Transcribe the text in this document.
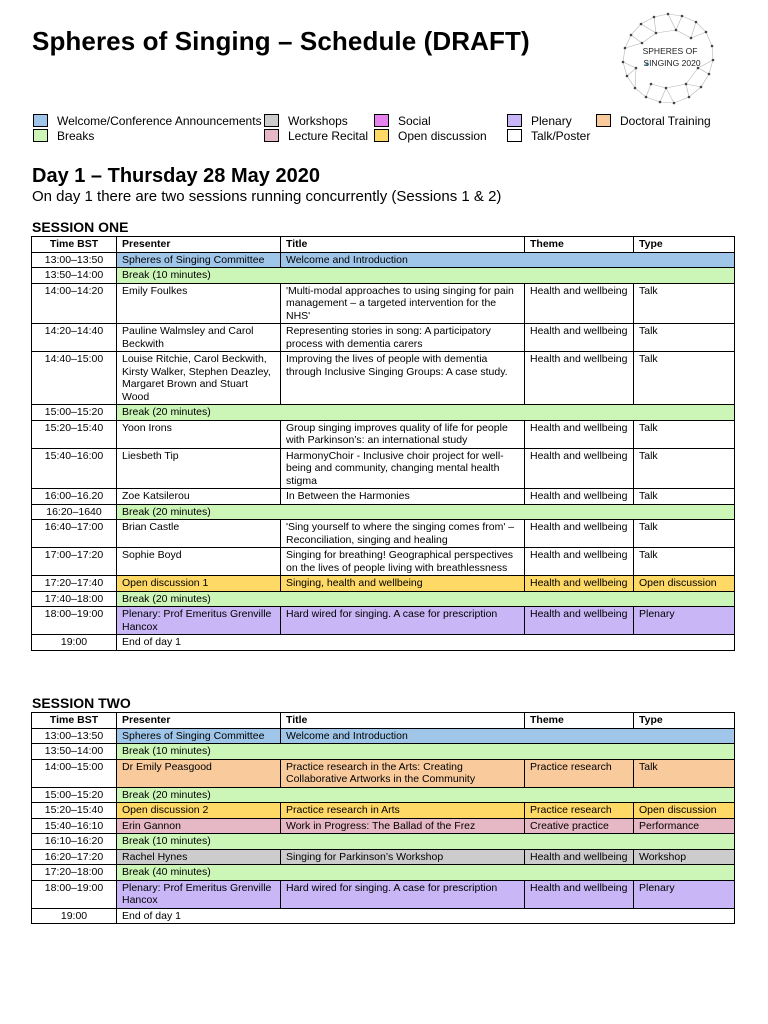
Spheres of Singing – Schedule (DRAFT)	SPHERES OF
SINGING 2020
Welcome/Conference Announcements Workshops	Social	Plenary	Doctoral Training
Breaks	Lecture Recital Open discussion	Talk/Poster
Day 1 – Thursday 28 May 2020
On day 1 there are two sessions running concurrently (Sessions 1 & 2)
SESSION ONE
Time BST	Presenter	Title	Theme	Type
13:00–13:50	Spheres of Singing Committee	Welcome and Introduction		
13:50–14:00	Break (10 minutes)			
14:00–14:20	Emily Foulkes	'Multi-modal approaches to using singing for pain management – a targeted intervention for the NHS'	Health and wellbeing	Talk
14:20–14:40	Pauline Walmsley and Carol Beckwith	Representing stories in song: A participatory process with dementia carers	Health and wellbeing	Talk
14:40–15:00	Louise Ritchie, Carol Beckwith, Kirsty Walker, Stephen Deazley, Margaret Brown and Stuart Wood	Improving the lives of people with dementia through Inclusive Singing Groups: A case study.	Health and wellbeing	Talk
15:00–15:20	Break (20 minutes)			
15:20–15:40	Yoon Irons	Group singing improves quality of life for people with Parkinson’s: an international study	Health and wellbeing	Talk
15:40–16:00	Liesbeth Tip	HarmonyChoir - Inclusive choir project for well-being and community, changing mental health stigma	Health and wellbeing	Talk
16:00–16.20	Zoe Katsilerou	In Between the Harmonies	Health and wellbeing	Talk
16:20–1640	Break (20 minutes)			
16:40–17:00	Brian Castle	'Sing yourself to where the singing comes from' – Reconciliation, singing and healing	Health and wellbeing	Talk
17:00–17:20	Sophie Boyd	Singing for breathing! Geographical perspectives on the lives of people living with breathlessness	Health and wellbeing	Talk
17:20–17:40	Open discussion 1	Singing, health and wellbeing	Health and wellbeing	Open discussion
17:40–18:00	Break (20 minutes)			
18:00–19:00	Plenary: Prof Emeritus Grenville Hancox	Hard wired for singing. A case for prescription	Health and wellbeing	Plenary
19:00	End of day 1			
SESSION TWO
Time BST	Presenter	Title	Theme	Type
13:00–13:50	Spheres of Singing Committee	Welcome and Introduction		
13:50–14:00	Break (10 minutes)			
14:00–15:00	Dr Emily Peasgood	Practice research in the Arts: Creating Collaborative Artworks in the Community	Practice research	Talk
15:00–15:20	Break (20 minutes)			
15:20–15:40	Open discussion 2	Practice research in Arts	Practice research	Open discussion
15:40–16:10	Erin Gannon	Work in Progress: The Ballad of the Frez	Creative practice	Performance
16:10–16:20	Break (10 minutes)			
16:20–17:20	Rachel Hynes	Singing for Parkinson’s Workshop	Health and wellbeing	Workshop
17:20–18:00	Break (40 minutes)			
18:00–19:00	Plenary: Prof Emeritus Grenville Hancox	Hard wired for singing. A case for prescription	Health and wellbeing	Plenary
19:00	End of day 1			
